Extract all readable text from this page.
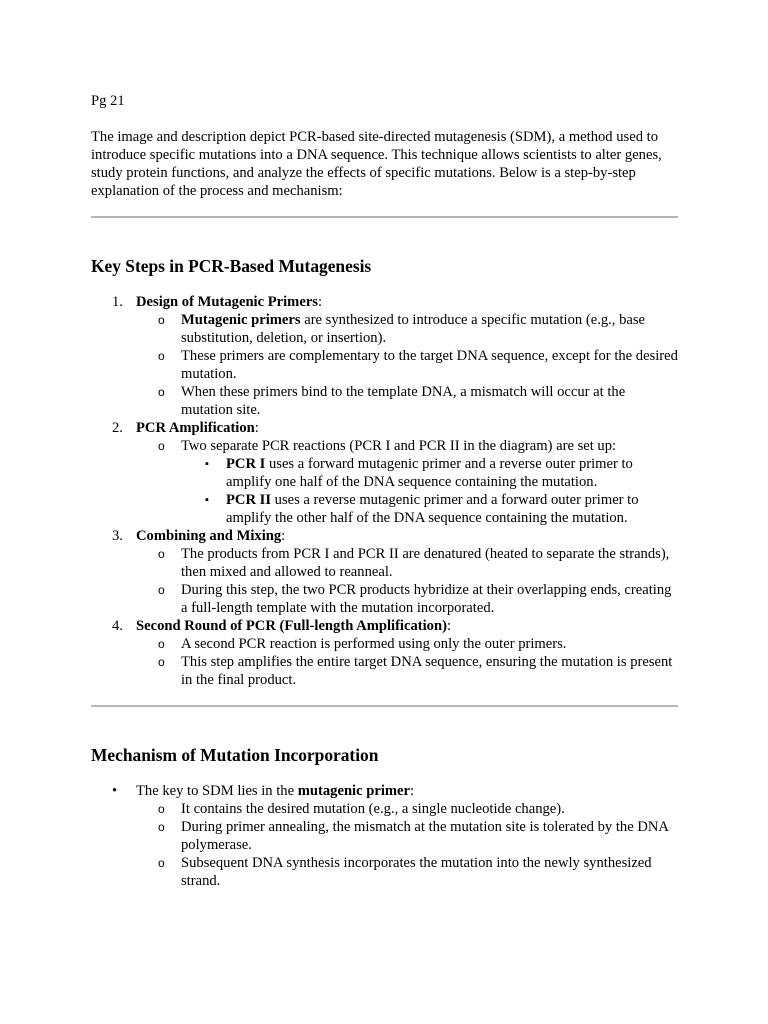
Pg 21

The image and description depict PCR-based site-directed mutagenesis (SDM), a method used to introduce specific mutations into a DNA sequence. This technique allows scientists to alter genes, study protein functions, and analyze the effects of specific mutations. Below is a step-by-step explanation of the process and mechanism:

Key Steps in PCR-Based Mutagenesis
1. Design of Mutagenic Primers:
o Mutagenic primers are synthesized to introduce a specific mutation (e.g., base substitution, deletion, or insertion).
o These primers are complementary to the target DNA sequence, except for the desired mutation.
o When these primers bind to the template DNA, a mismatch will occur at the mutation site.
2. PCR Amplification:
o Two separate PCR reactions (PCR I and PCR II in the diagram) are set up:
▪ PCR I uses a forward mutagenic primer and a reverse outer primer to amplify one half of the DNA sequence containing the mutation.
▪ PCR II uses a reverse mutagenic primer and a forward outer primer to amplify the other half of the DNA sequence containing the mutation.
3. Combining and Mixing:
o The products from PCR I and PCR II are denatured (heated to separate the strands), then mixed and allowed to reanneal.
o During this step, the two PCR products hybridize at their overlapping ends, creating a full-length template with the mutation incorporated.
4. Second Round of PCR (Full-length Amplification):
o A second PCR reaction is performed using only the outer primers.
o This step amplifies the entire target DNA sequence, ensuring the mutation is present in the final product.
Mechanism of Mutation Incorporation
• The key to SDM lies in the mutagenic primer:
o It contains the desired mutation (e.g., a single nucleotide change).
o During primer annealing, the mismatch at the mutation site is tolerated by the DNA polymerase.
o Subsequent DNA synthesis incorporates the mutation into the newly synthesized strand.
